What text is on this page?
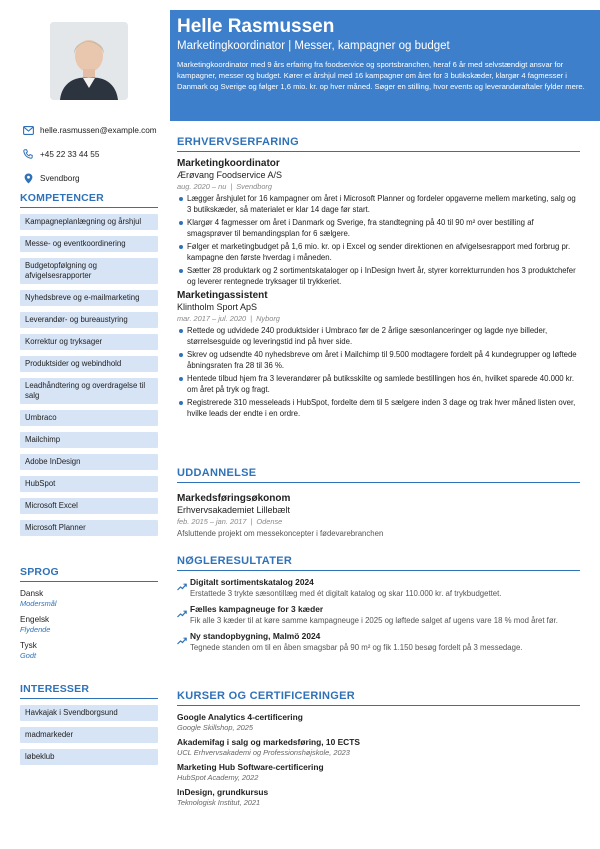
helle.rasmussen@example.com
+45 22 33 44 55
Svendborg
KOMPETENCER
Kampagneplanlægning og årshjul
Messe- og eventkoordinering
Budgetopfølgning og afvigelsesrapporter
Nyhedsbreve og e-mailmarketing
Leverandør- og bureaustyring
Korrektur og tryksager
Produktsider og webindhold
Leadhåndtering og overdragelse til salg
Umbraco
Mailchimp
Adobe InDesign
HubSpot
Microsoft Excel
Microsoft Planner
SPROG
Dansk
Modersmål
Engelsk
Flydende
Tysk
Godt
INTERESSER
Havkajak i Svendborgsund
madmarkeder
løbeklub
Helle Rasmussen
Marketingkoordinator | Messer, kampagner og budget
Marketingkoordinator med 9 års erfaring fra foodservice og sportsbranchen, heraf 6 år med selvstændigt ansvar for kampagner, messer og budget. Kører et årshjul med 16 kampagner om året for 3 butikskæder, klargør 4 fagmesser i Danmark og Sverige og følger 1,6 mio. kr. op hver måned. Søger en stilling, hvor events og leverandøraftaler fylder mere.
ERHVERVSERFARING
Marketingkoordinator
Ærøvang Foodservice A/S
aug. 2020 – nu | Svendborg
Lægger årshjulet for 16 kampagner om året i Microsoft Planner og fordeler opgaverne mellem marketing, salg og 3 butikskæder, så materialet er klar 14 dage før start.
Klargør 4 fagmesser om året i Danmark og Sverige, fra standtegning på 40 til 90 m² over bestilling af smagsprøver til bemandingsplan for 6 sælgere.
Følger et marketingbudget på 1,6 mio. kr. op i Excel og sender direktionen en afvigelsesrapport med forbrug pr. kampagne den første hverdag i måneden.
Sætter 28 produktark og 2 sortimentskataloger op i InDesign hvert år, styrer korrekturrunden hos 3 produktchefer og leverer rentegnede tryksager til trykkeriet.
Marketingassistent
Klintholm Sport ApS
mar. 2017 – jul. 2020 | Nyborg
Rettede og udvidede 240 produktsider i Umbraco før de 2 årlige sæsonlanceringer og lagde nye billeder, størrelsesguide og leveringstid ind på hver side.
Skrev og udsendte 40 nyhedsbreve om året i Mailchimp til 9.500 modtagere fordelt på 4 kundegrupper og løftede åbningsraten fra 28 til 36 %.
Hentede tilbud hjem fra 3 leverandører på butiksskilte og samlede bestillingen hos én, hvilket sparede 40.000 kr. om året på tryk og fragt.
Registrerede 310 messeleads i HubSpot, fordelte dem til 5 sælgere inden 3 dage og trak hver måned listen over, hvilke leads der endte i en ordre.
UDDANNELSE
Markedsføringsøkonom
Erhvervsakademiet Lillebælt
feb. 2015 – jan. 2017 | Odense
Afsluttende projekt om messekoncepter i fødevarebranchen
NØGLERESULTATER
Digitalt sortimentskatalog 2024
Erstattede 3 trykte sæsontillæg med ét digitalt katalog og skar 110.000 kr. af trykbudgettet.
Fælles kampagneuge for 3 kæder
Fik alle 3 kæder til at køre samme kampagneuge i 2025 og løftede salget af ugens vare 18 % mod året før.
Ny standopbygning, Malmö 2024
Tegnede standen om til en åben smagsbar på 90 m² og fik 1.150 besøg fordelt på 3 messedage.
KURSER OG CERTIFICERINGER
Google Analytics 4-certificering
Google Skillshop, 2025
Akademifag i salg og markedsføring, 10 ECTS
UCL Erhvervsakademi og Professionshøjskole, 2023
Marketing Hub Software-certificering
HubSpot Academy, 2022
InDesign, grundkursus
Teknologisk Institut, 2021
